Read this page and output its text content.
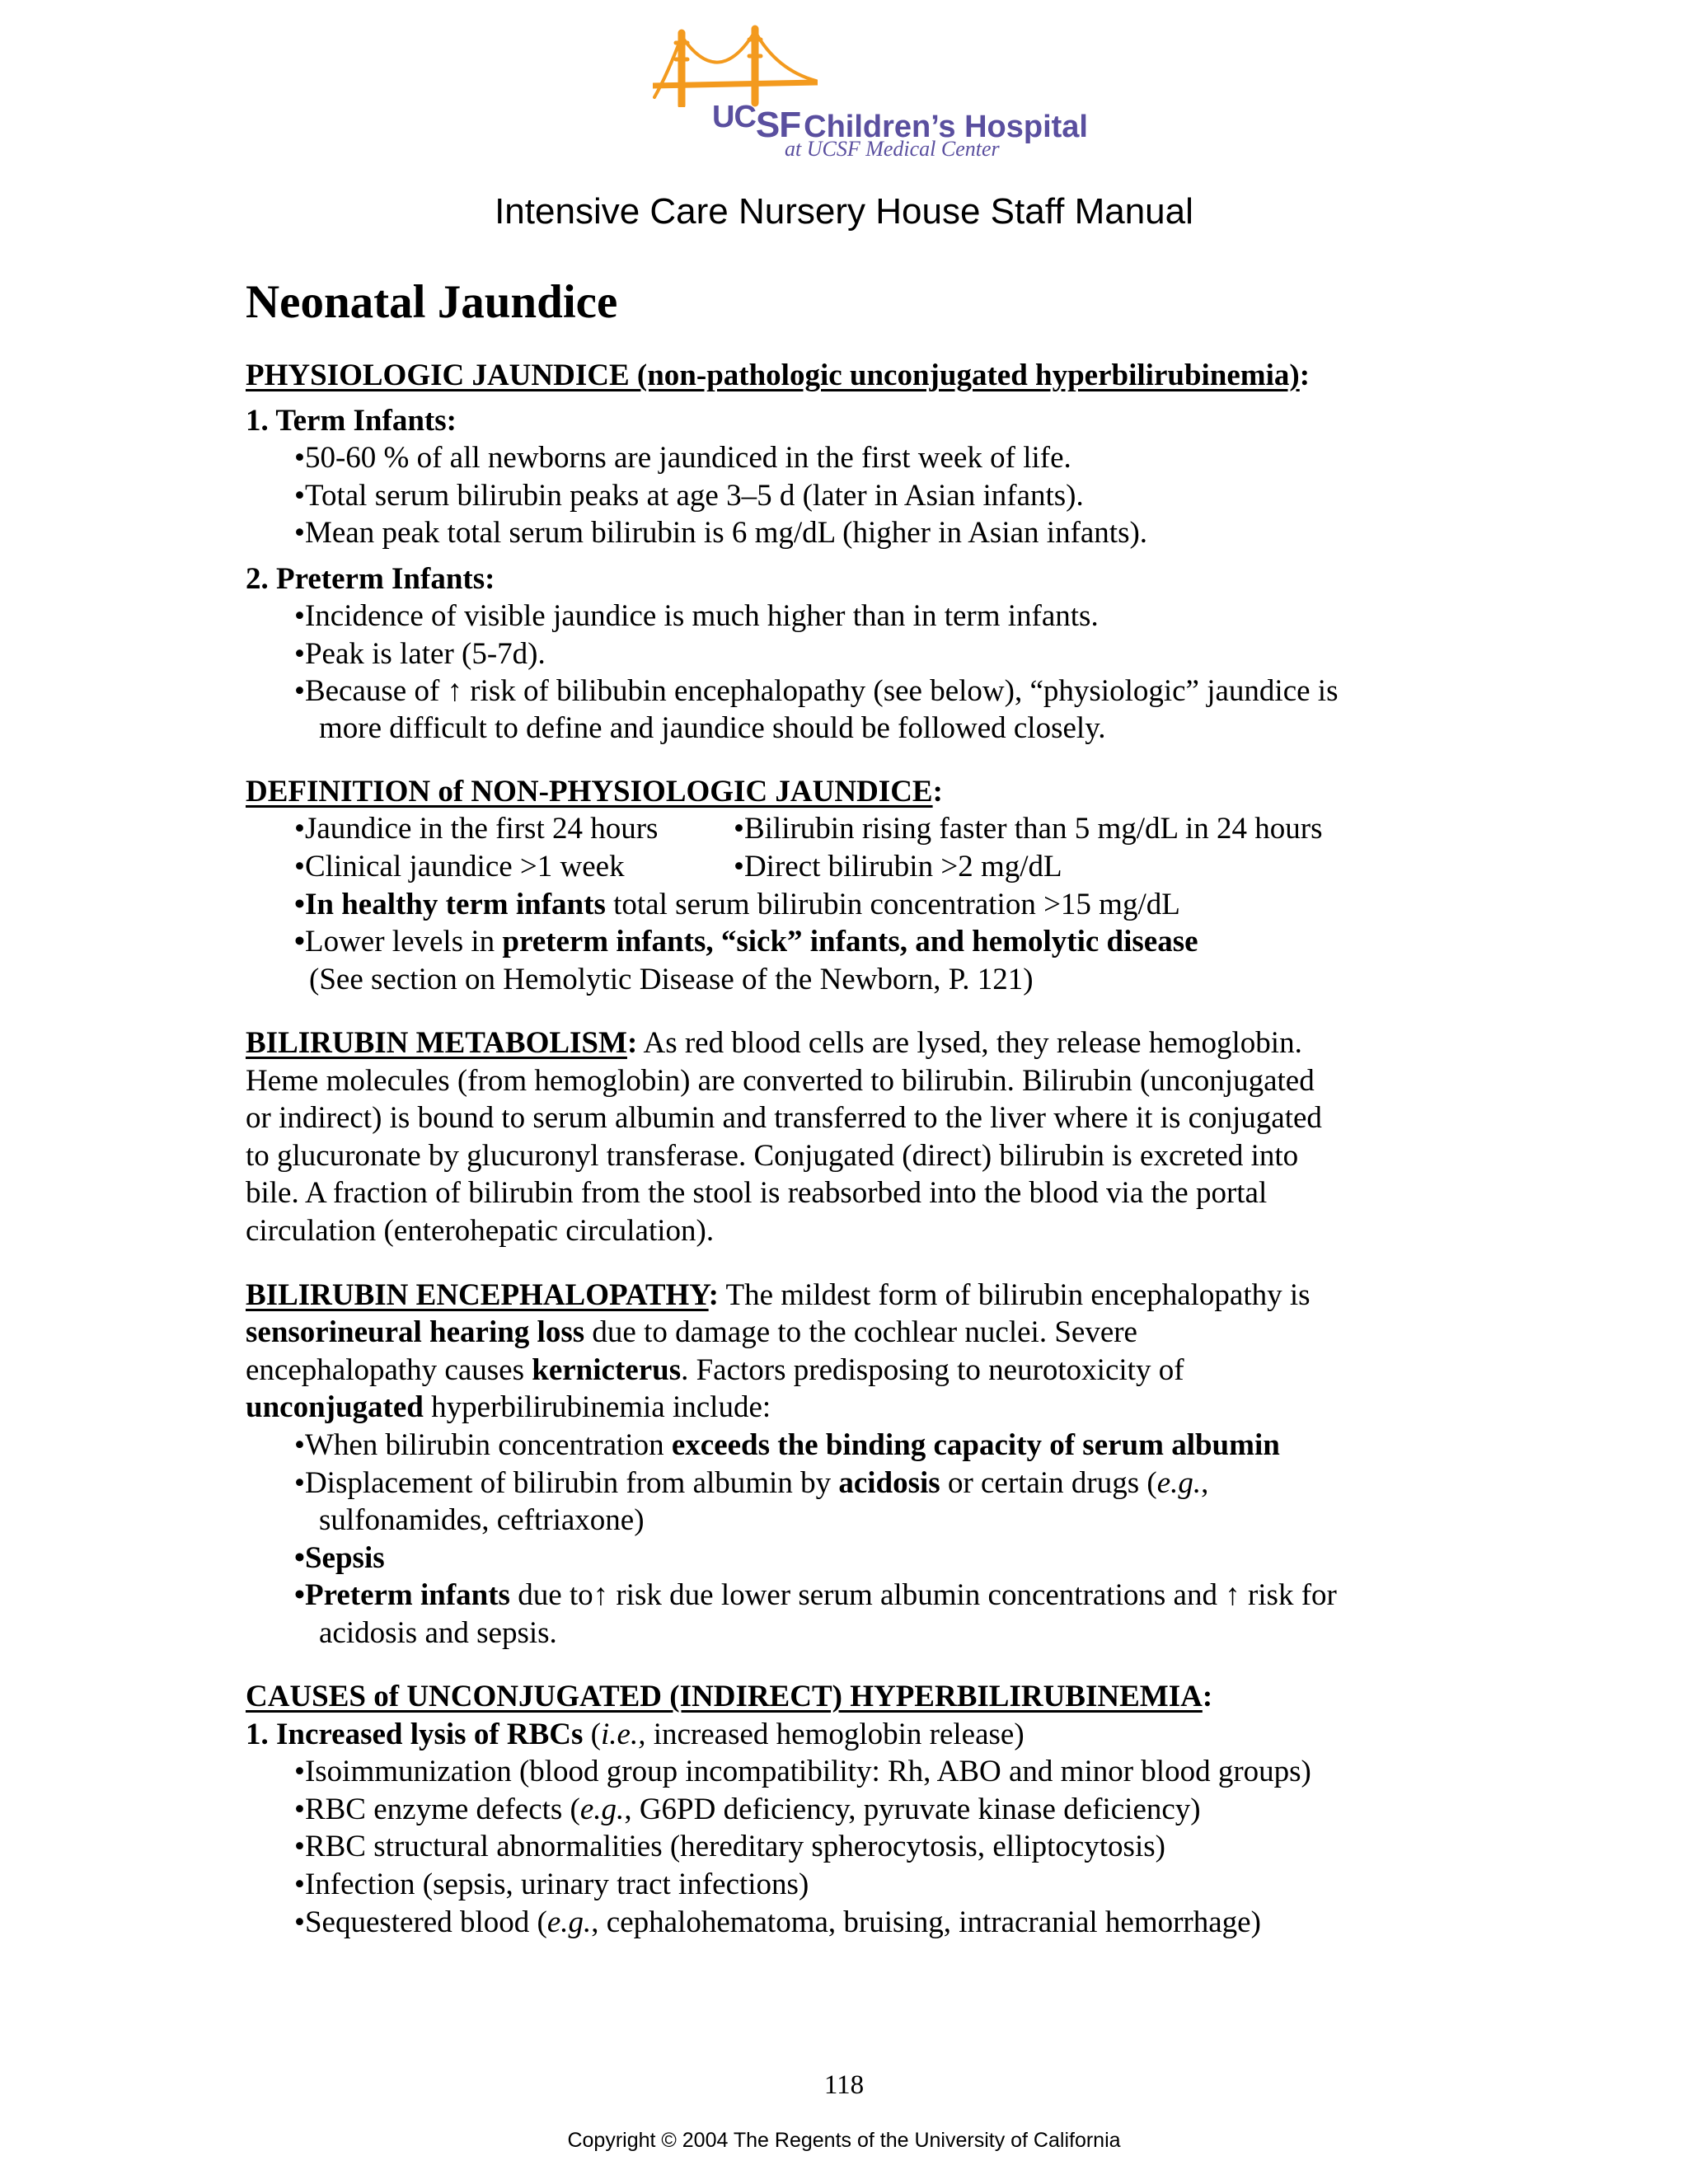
UCSF Children’s Hospital
at UCSF Medical Center
Intensive Care Nursery House Staff Manual
Neonatal Jaundice
PHYSIOLOGIC JAUNDICE (non-pathologic unconjugated hyperbilirubinemia):
1. Term Infants:
•50-60 % of all newborns are jaundiced in the first week of life.
•Total serum bilirubin peaks at age 3–5 d (later in Asian infants).
•Mean peak total serum bilirubin is 6 mg/dL (higher in Asian infants).
2. Preterm Infants:
•Incidence of visible jaundice is much higher than in term infants.
•Peak is later (5-7d).
•Because of ↑ risk of bilibubin encephalopathy (see below), “physiologic” jaundice is
more difficult to define and jaundice should be followed closely.
DEFINITION of NON-PHYSIOLOGIC JAUNDICE:
•Jaundice in the first 24 hours •Bilirubin rising faster than 5 mg/dL in 24 hours
•Clinical jaundice >1 week	•Direct bilirubin >2 mg/dL
•In healthy term infants total serum bilirubin concentration >15 mg/dL
•Lower levels in preterm infants, “sick” infants, and hemolytic disease
(See section on Hemolytic Disease of the Newborn, P. 121)
BILIRUBIN METABOLISM: As red blood cells are lysed, they release hemoglobin.
Heme molecules (from hemoglobin) are converted to bilirubin. Bilirubin (unconjugated
or indirect) is bound to serum albumin and transferred to the liver where it is conjugated
to glucuronate by glucuronyl transferase. Conjugated (direct) bilirubin is excreted into
bile. A fraction of bilirubin from the stool is reabsorbed into the blood via the portal
circulation (enterohepatic circulation).
BILIRUBIN ENCEPHALOPATHY: The mildest form of bilirubin encephalopathy is
sensorineural hearing loss due to damage to the cochlear nuclei. Severe
encephalopathy causes kernicterus. Factors predisposing to neurotoxicity of
unconjugated hyperbilirubinemia include:
•When bilirubin concentration exceeds the binding capacity of serum albumin
•Displacement of bilirubin from albumin by acidosis or certain drugs (e.g.,
sulfonamides, ceftriaxone)
•Sepsis
•Preterm infants due to↑ risk due lower serum albumin concentrations and ↑ risk for
acidosis and sepsis.
CAUSES of UNCONJUGATED (INDIRECT) HYPERBILIRUBINEMIA:
1. Increased lysis of RBCs (i.e., increased hemoglobin release)
•Isoimmunization (blood group incompatibility: Rh, ABO and minor blood groups)
•RBC enzyme defects (e.g., G6PD deficiency, pyruvate kinase deficiency)
•RBC structural abnormalities (hereditary spherocytosis, elliptocytosis)
•Infection (sepsis, urinary tract infections)
•Sequestered blood (e.g., cephalohematoma, bruising, intracranial hemorrhage)
118
Copyright © 2004 The Regents of the University of California
